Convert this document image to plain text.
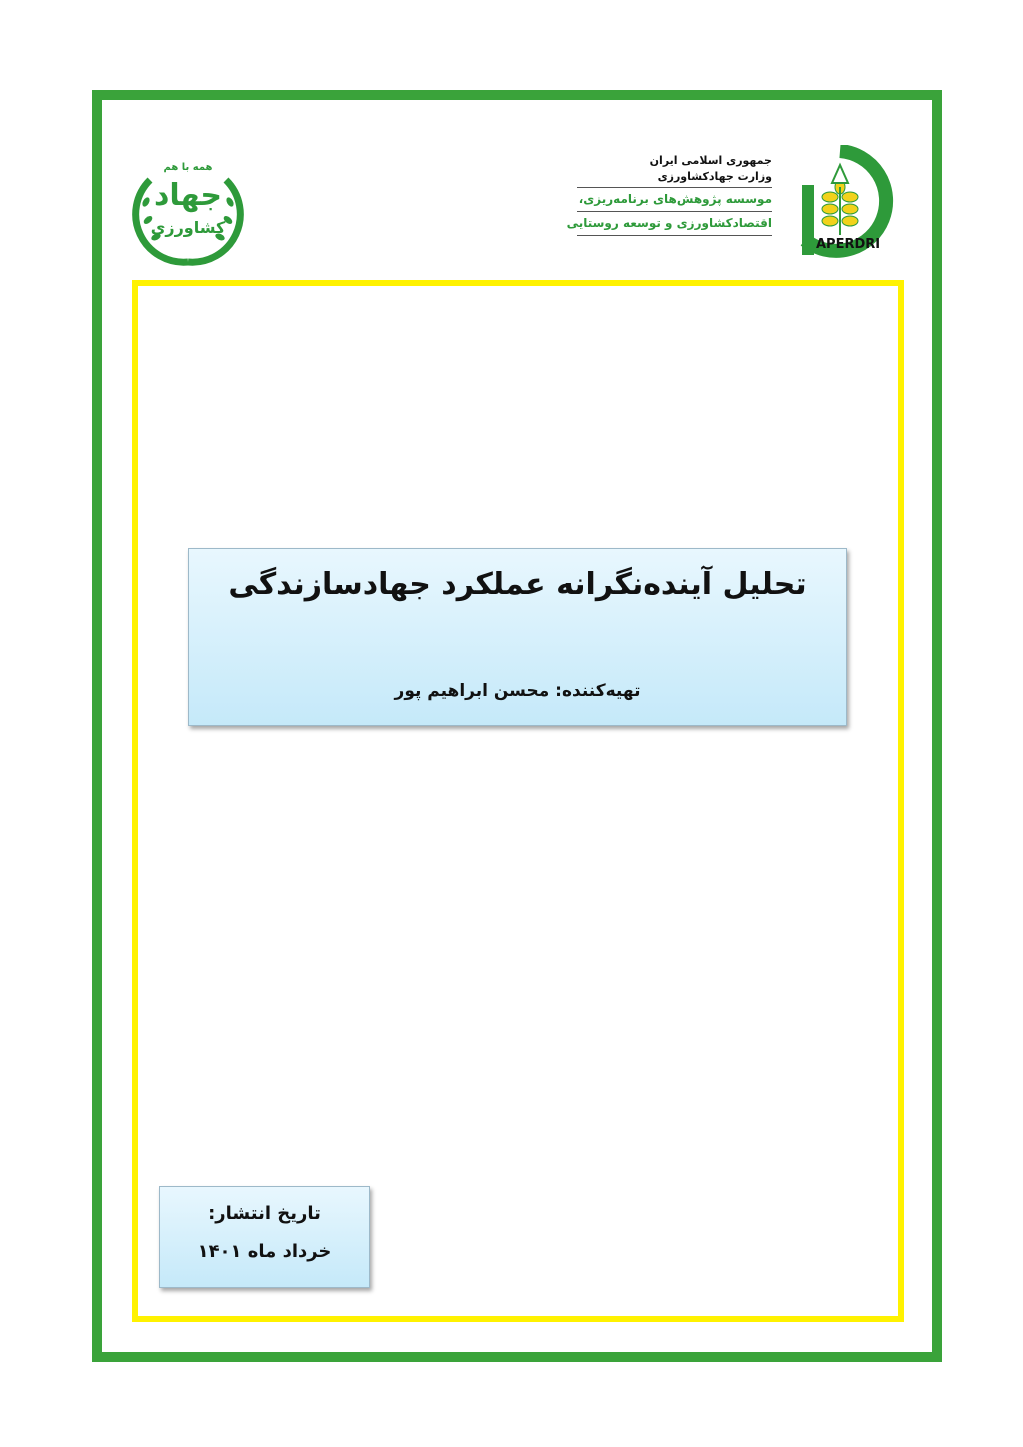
جمهوری اسلامی ایران
وزارت جهادکشاورزی
موسسه پژوهش‌های برنامه‌ریزی،
اقتصادکشاورزی و توسعه روستایی
APERDRI
همه با هم
جهاد
کشاورزی
تحلیل آینده‌نگرانه عملکرد جهادسازندگی
تهیه‌کننده: محسن ابراهیم پور
تاریخ انتشار:
خرداد ماه ۱۴۰۱
